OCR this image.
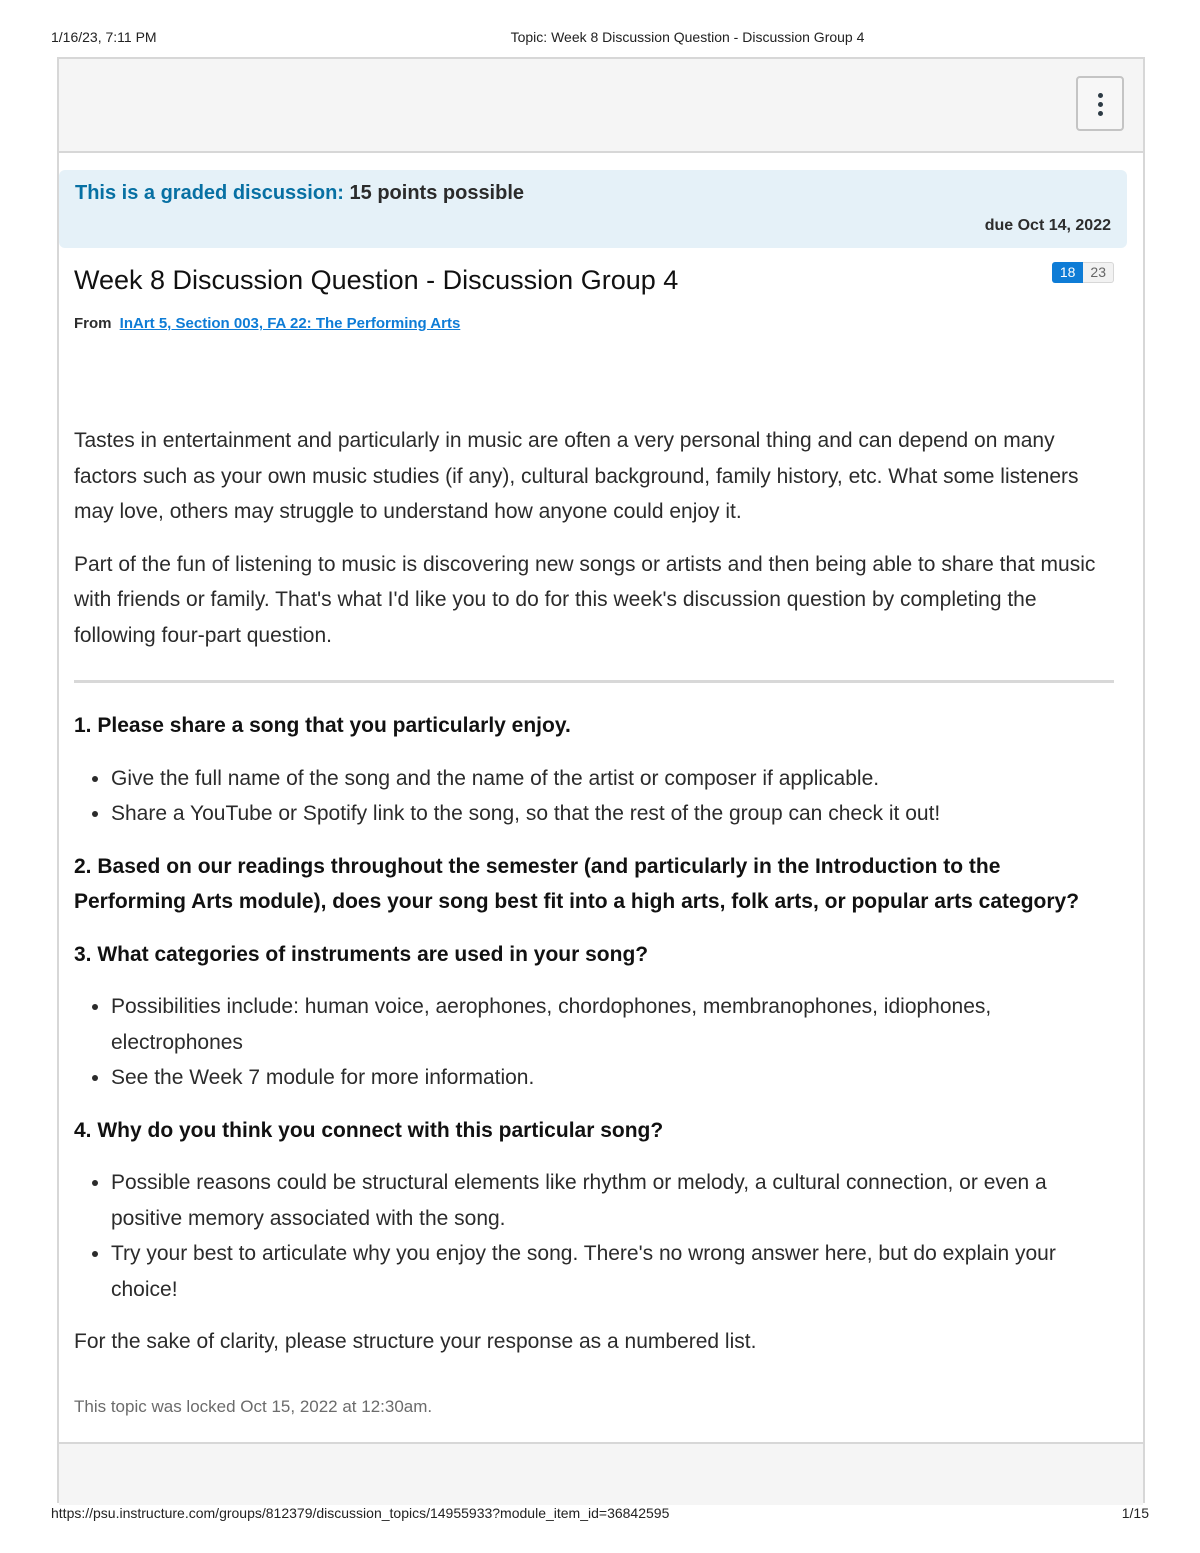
1/16/23, 7:11 PM	Topic: Week 8 Discussion Question - Discussion Group 4
This is a graded discussion: 15 points possible
due Oct 14, 2022
Week 8 Discussion Question - Discussion Group 4	18	23
From InArt 5, Section 003, FA 22: The Performing Arts

Tastes in entertainment and particularly in music are often a very personal thing and can depend on many factors such as your own music studies (if any), cultural background, family history, etc. What some listeners may love, others may struggle to understand how anyone could enjoy it.

Part of the fun of listening to music is discovering new songs or artists and then being able to share that music with friends or family. That's what I'd like you to do for this week's discussion question by completing the following four-part question.

1. Please share a song that you particularly enjoy.
• Give the full name of the song and the name of the artist or composer if applicable.
• Share a YouTube or Spotify link to the song, so that the rest of the group can check it out!
2. Based on our readings throughout the semester (and particularly in the Introduction to the Performing Arts module), does your song best fit into a high arts, folk arts, or popular arts category?
3. What categories of instruments are used in your song?
• Possibilities include: human voice, aerophones, chordophones, membranophones, idiophones, electrophones
• See the Week 7 module for more information.
4. Why do you think you connect with this particular song?
• Possible reasons could be structural elements like rhythm or melody, a cultural connection, or even a positive memory associated with the song.
• Try your best to articulate why you enjoy the song. There's no wrong answer here, but do explain your choice!

For the sake of clarity, please structure your response as a numbered list.

This topic was locked Oct 15, 2022 at 12:30am.
https://psu.instructure.com/groups/812379/discussion_topics/14955933?module_item_id=36842595	1/15
